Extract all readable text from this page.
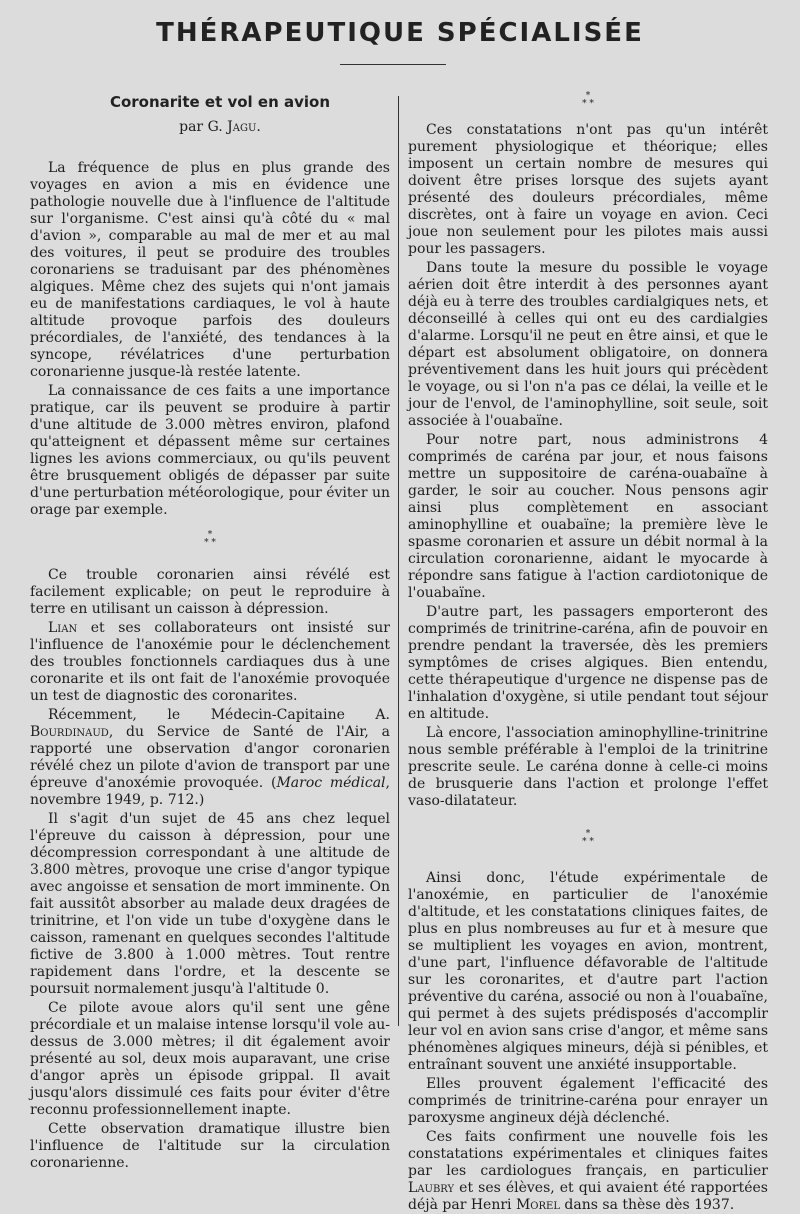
THÉRAPEUTIQUE SPÉCIALISÉE
Coronarite et vol en avion
par G. Jagu.

La fréquence de plus en plus grande des voyages en avion a mis en évidence une pathologie nouvelle due à l'influence de l'altitude sur l'organisme. C'est ainsi qu'à côté du « mal d'avion », comparable au mal de mer et au mal des voitures, il peut se produire des troubles coronariens se traduisant par des phénomènes algiques. Même chez des sujets qui n'ont jamais eu de manifestations cardiaques, le vol à haute altitude provoque parfois des douleurs précordiales, de l'anxiété, des tendances à la syncope, révélatrices d'une perturbation coronarienne jusque-là restée latente.

La connaissance de ces faits a une importance pratique, car ils peuvent se produire à partir d'une altitude de 3.000 mètres environ, plafond qu'atteignent et dépassent même sur certaines lignes les avions commerciaux, ou qu'ils peuvent être brusquement obligés de dépasser par suite d'une perturbation météorologique, pour éviter un orage par exemple.

*
* *

Ce trouble coronarien ainsi révélé est facilement explicable; on peut le reproduire à terre en utilisant un caisson à dépression.

Lian et ses collaborateurs ont insisté sur l'influence de l'anoxémie pour le déclenchement des troubles fonctionnels cardiaques dus à une coronarite et ils ont fait de l'anoxémie provoquée un test de diagnostic des coronarites.

Récemment, le Médecin-Capitaine A. Bourdinaud, du Service de Santé de l'Air, a rapporté une observation d'angor coronarien révélé chez un pilote d'avion de transport par une épreuve d'anoxémie provoquée. (Maroc médical, novembre 1949, p. 712.)

Il s'agit d'un sujet de 45 ans chez lequel l'épreuve du caisson à dépression, pour une décompression correspondant à une altitude de 3.800 mètres, provoque une crise d'angor typique avec angoisse et sensation de mort imminente. On fait aussitôt absorber au malade deux dragées de trinitrine, et l'on vide un tube d'oxygène dans le caisson, ramenant en quelques secondes l'altitude fictive de 3.800 à 1.000 mètres. Tout rentre rapidement dans l'ordre, et la descente se poursuit normalement jusqu'à l'altitude 0.

Ce pilote avoue alors qu'il sent une gêne précordiale et un malaise intense lorsqu'il vole au-dessus de 3.000 mètres; il dit également avoir présenté au sol, deux mois auparavant, une crise d'angor après un épisode grippal. Il avait jusqu'alors dissimulé ces faits pour éviter d'être reconnu professionnellement inapte.

Cette observation dramatique illustre bien l'influence de l'altitude sur la circulation coronarienne.

*
* *

Ces constatations n'ont pas qu'un intérêt purement physiologique et théorique; elles imposent un certain nombre de mesures qui doivent être prises lorsque des sujets ayant présenté des douleurs précordiales, même discrètes, ont à faire un voyage en avion. Ceci joue non seulement pour les pilotes mais aussi pour les passagers.

Dans toute la mesure du possible le voyage aérien doit être interdit à des personnes ayant déjà eu à terre des troubles cardialgiques nets, et déconseillé à celles qui ont eu des cardialgies d'alarme. Lorsqu'il ne peut en être ainsi, et que le départ est absolument obligatoire, on donnera préventivement dans les huit jours qui précèdent le voyage, ou si l'on n'a pas ce délai, la veille et le jour de l'envol, de l'aminophylline, soit seule, soit associée à l'ouabaïne.

Pour notre part, nous administrons 4 comprimés de caréna par jour, et nous faisons mettre un suppositoire de caréna-ouabaïne à garder, le soir au coucher. Nous pensons agir ainsi plus complètement en associant aminophylline et ouabaïne; la première lève le spasme coronarien et assure un débit normal à la circulation coronarienne, aidant le myocarde à répondre sans fatigue à l'action cardiotonique de l'ouabaïne.

D'autre part, les passagers emporteront des comprimés de trinitrine-caréna, afin de pouvoir en prendre pendant la traversée, dès les premiers symptômes de crises algiques. Bien entendu, cette thérapeutique d'urgence ne dispense pas de l'inhalation d'oxygène, si utile pendant tout séjour en altitude.

Là encore, l'association aminophylline-trinitrine nous semble préférable à l'emploi de la trinitrine prescrite seule. Le caréna donne à celle-ci moins de brusquerie dans l'action et prolonge l'effet vaso-dilatateur.

*
* *

Ainsi donc, l'étude expérimentale de l'anoxémie, en particulier de l'anoxémie d'altitude, et les constatations cliniques faites, de plus en plus nombreuses au fur et à mesure que se multiplient les voyages en avion, montrent, d'une part, l'influence défavorable de l'altitude sur les coronarites, et d'autre part l'action préventive du caréna, associé ou non à l'ouabaïne, qui permet à des sujets prédisposés d'accomplir leur vol en avion sans crise d'angor, et même sans phénomènes algiques mineurs, déjà si pénibles, et entraînant souvent une anxiété insupportable.

Elles prouvent également l'efficacité des comprimés de trinitrine-caréna pour enrayer un paroxysme angineux déjà déclenché.

Ces faits confirment une nouvelle fois les constatations expérimentales et cliniques faites par les cardiologues français, en particulier Laubry et ses élèves, et qui avaient été rapportées déjà par Henri Morel dans sa thèse dès 1937.
